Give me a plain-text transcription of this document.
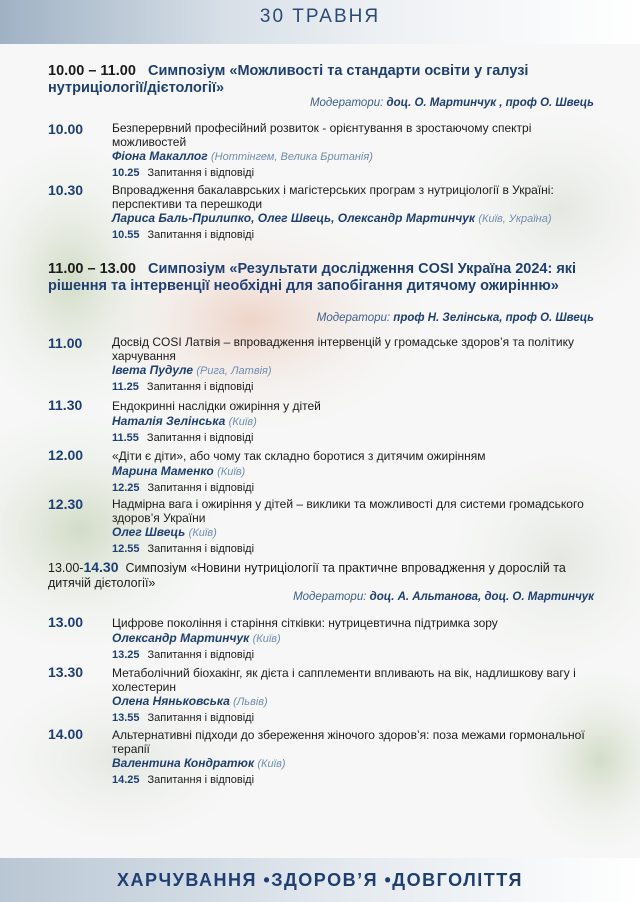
30 ТРАВНЯ
10.00 – 11.00 Симпозіум «Можливості та стандарти освіти у галузі нутриціології/дієтології»
Модератори: доц. О. Мартинчук , проф О. Швець
10.00 Безперервний професійний розвиток - орієнтування в зростаючому спектрі можливостей
Фіона Макаллог (Ноттінгем, Велика Британія)
10.25 Запитання і відповіді
10.30 Впровадження бакалаврських і магістерських програм з нутриціології в Україні: перспективи та перешкоди
Лариса Баль-Прилипко, Олег Швець, Олександр Мартинчук (Київ, Україна)
10.55 Запитання і відповіді
11.00 – 13.00 Симпозіум «Результати дослідження COSI Україна 2024: які рішення та інтервенції необхідні для запобігання дитячому ожирінню»
Модератори: проф Н. Зелінська, проф О. Швець
11.00 Досвід COSI Латвія – впровадження інтервенцій у громадське здоров’я та політику харчування
Івета Пудуле (Рига, Латвія)
11.25 Запитання і відповіді
11.30 Ендокринні наслідки ожиріння у дітей
Наталія Зелінська (Київ)
11.55 Запитання і відповіді
12.00 «Діти є діти», або чому так складно боротися з дитячим ожирінням
Марина Маменко (Київ)
12.25 Запитання і відповіді
12.30 Надмірна вага і ожиріння у дітей – виклики та можливості для системи громадського здоров’я України
Олег Швець (Київ)
12.55 Запитання і відповіді
13.00-14.30 Симпозіум «Новини нутриціології та практичне впровадження у дорослій та дитячій дієтології»
Модератори: доц. А. Альтанова, доц. О. Мартинчук
13.00 Цифрове покоління і старіння сітківки: нутрицевтична підтримка зору
Олександр Мартинчук (Київ)
13.25 Запитання і відповіді
13.30 Метаболічний біохакінг, як дієта і сапплементи впливають на вік, надлишкову вагу і холестерин
Олена Няньковська (Львів)
13.55 Запитання і відповіді
14.00 Альтернативні підходи до збереження жіночого здоров’я: поза межами гормональної терапії
Валентина Кондратюк (Київ)
14.25 Запитання і відповіді
ХАРЧУВАННЯ •ЗДОРОВ’Я •ДОВГОЛІТТЯ
